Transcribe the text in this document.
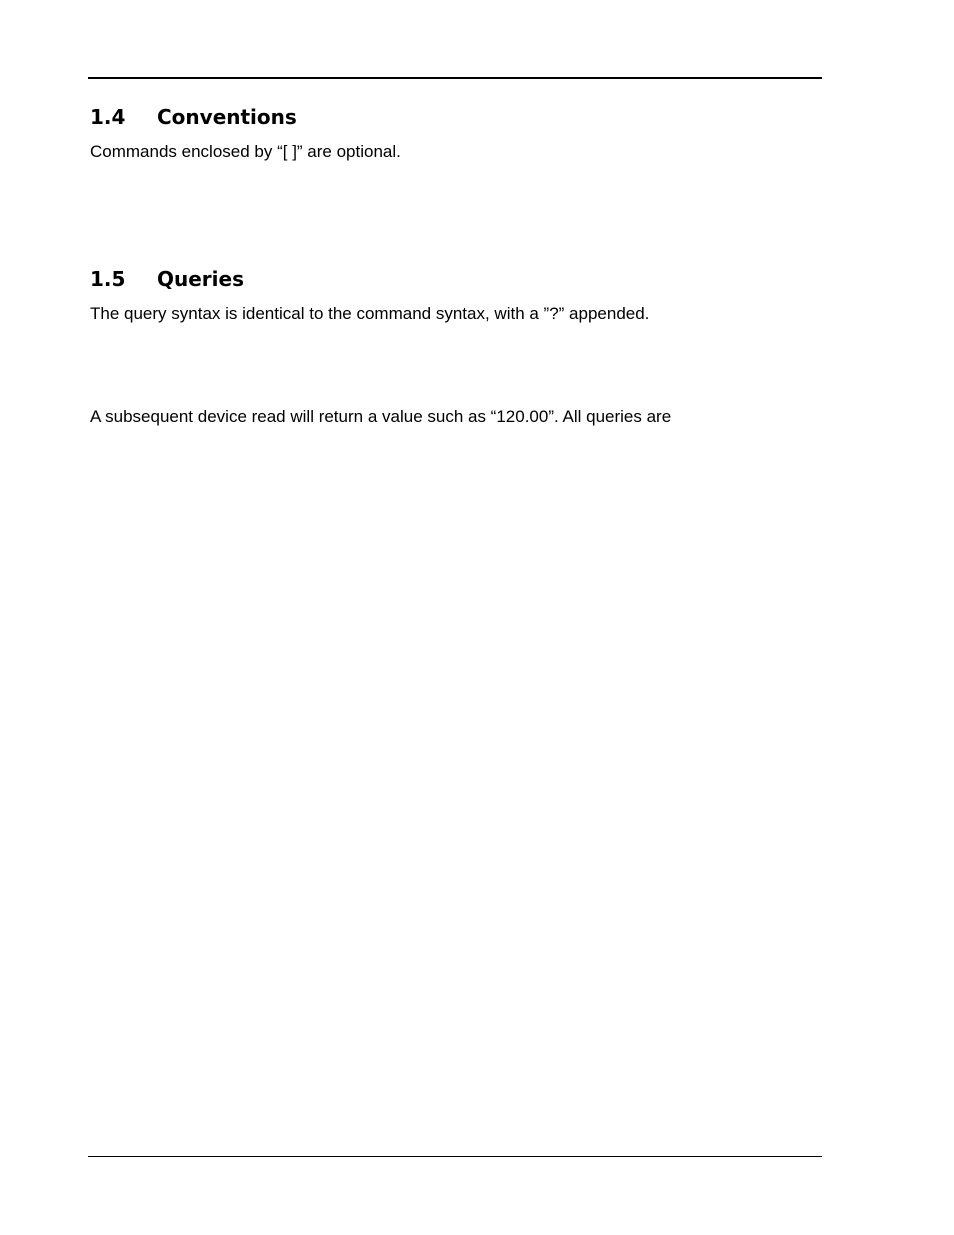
1.4 Conventions

Commands enclosed by “[ ]” are optional.

1.5 Queries

The query syntax is identical to the command syntax, with a ”?” appended.

A subsequent device read will return a value such as “120.00”. All queries are
